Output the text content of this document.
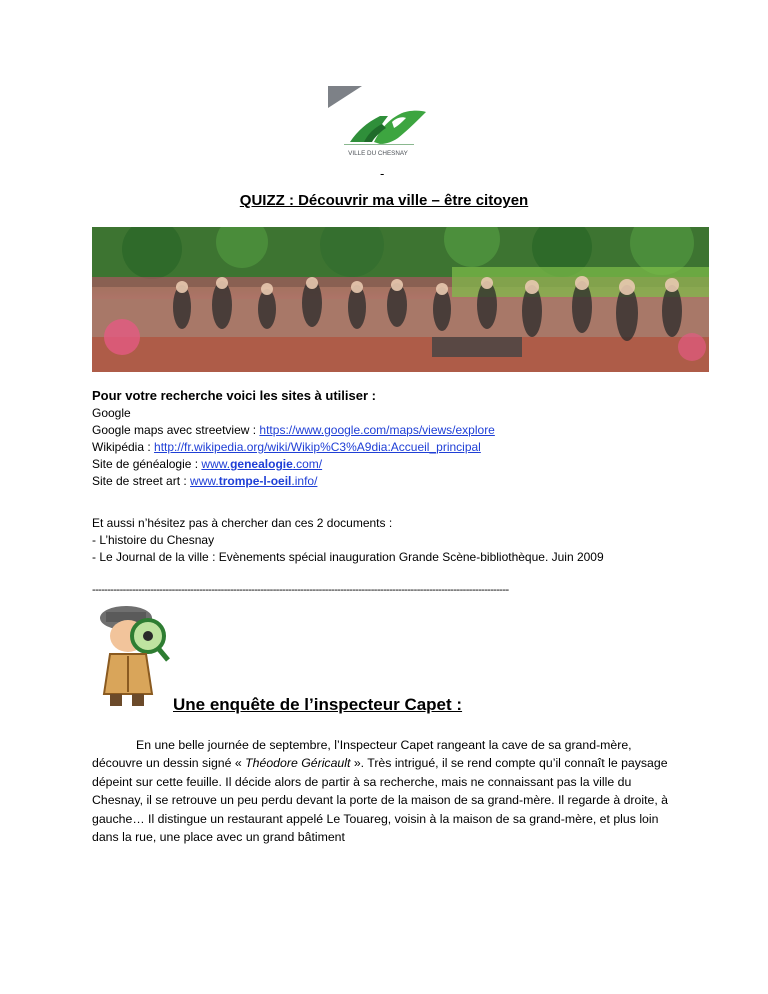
VILLE DU CHESNAY
-
QUIZZ : Découvrir ma ville – être citoyen
Pour votre recherche voici les sites à utiliser :
Google
Google maps avec streetview : https://www.google.com/maps/views/explore
Wikipédia : http://fr.wikipedia.org/wiki/Wikip%C3%A9dia:Accueil_principal
Site de généalogie : www.genealogie.com/
Site de street art : www.trompe-l-oeil.info/
Et aussi n’hésitez pas à chercher dan ces 2 documents :
- L’histoire du Chesnay
- Le Journal de la ville : Evènements spécial inauguration Grande Scène-bibliothèque. Juin 2009
----------------------------------------------------------------------------------------------------------------------------------------
Une enquête de l’inspecteur Capet :

En une belle journée de septembre, l’Inspecteur Capet rangeant la cave de sa grand-mère, découvre un dessin signé « Théodore Géricault ». Très intrigué, il se rend compte qu’il connaît le paysage dépeint sur cette feuille. Il décide alors de partir à sa recherche, mais ne connaissant pas la ville du Chesnay, il se retrouve un peu perdu devant la porte de la maison de sa grand-mère. Il regarde à droite, à gauche… Il distingue un restaurant appelé Le Touareg, voisin à la maison de sa grand-mère, et plus loin dans la rue, une place avec un grand bâtiment
